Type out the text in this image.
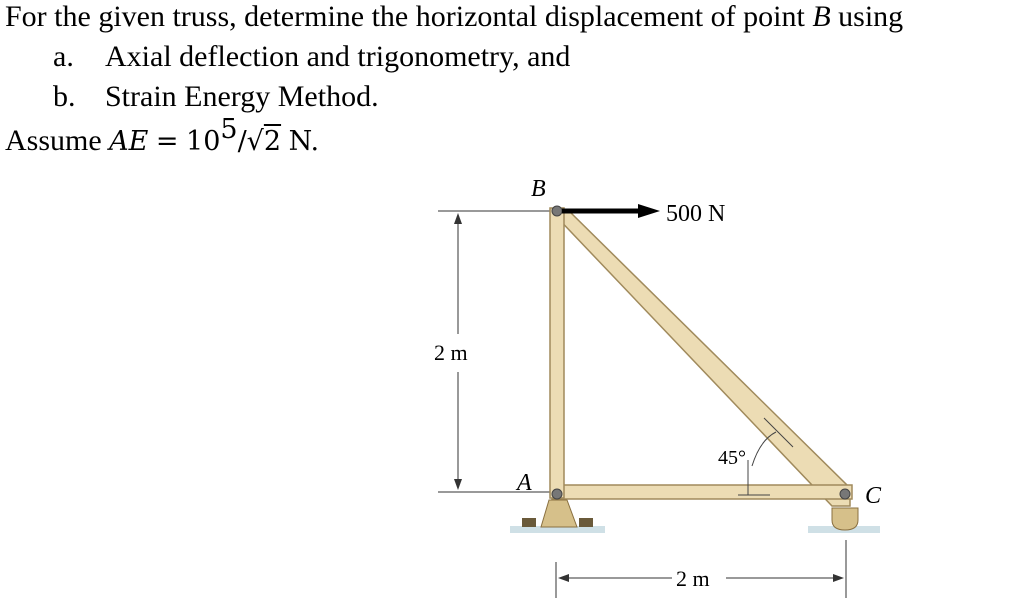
For the given truss, determine the horizontal displacement of point B using
a. Axial deflection and trigonometry, and
b. Strain Energy Method.
Assume AE = $10^5/√2$ N.
2 m
2 m
45°
500 N
B
A	C
